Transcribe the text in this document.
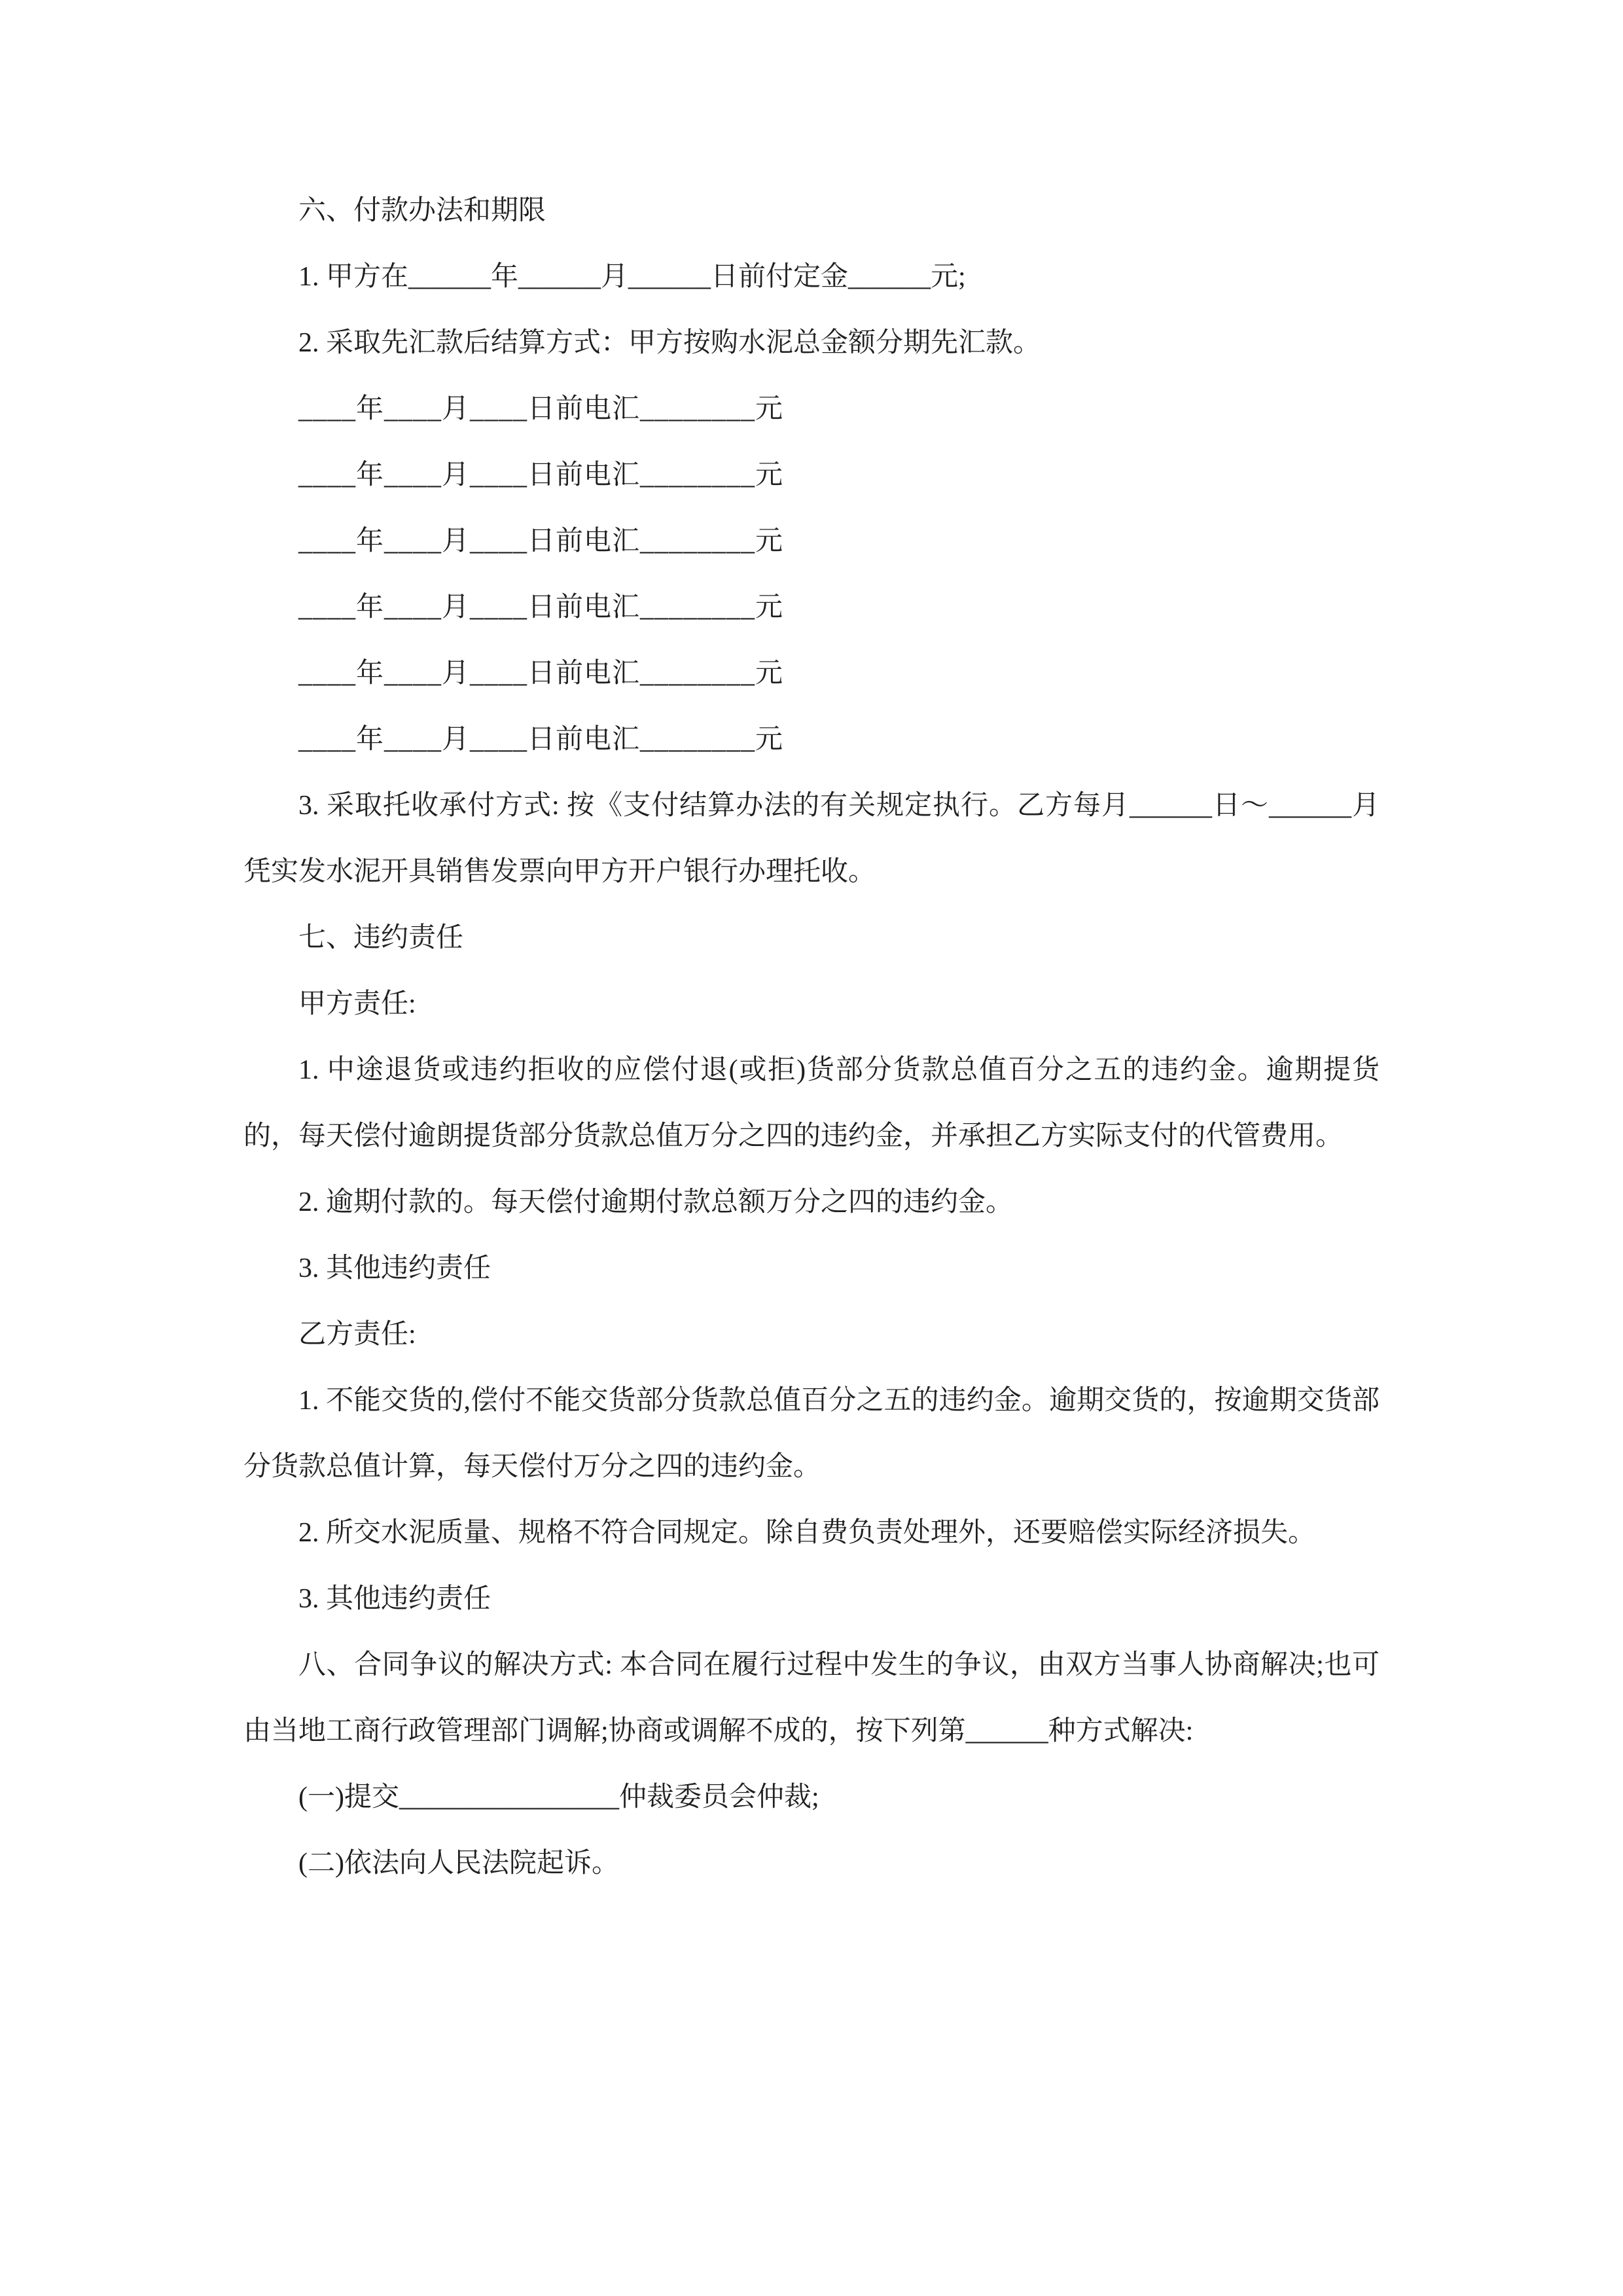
六、付款办法和期限

1. 甲方在______年______月______日前付定金______元;

2. 采取先汇款后结算方式：甲方按购水泥总金额分期先汇款。

____年____月____日前电汇________元

____年____月____日前电汇________元

____年____月____日前电汇________元

____年____月____日前电汇________元

____年____月____日前电汇________元

____年____月____日前电汇________元

3. 采取托收承付方式: 按《支付结算办法的有关规定执行。乙方每月______日～______月凭实发水泥开具销售发票向甲方开户银行办理托收。

七、违约责任

甲方责任:

1. 中途退货或违约拒收的应偿付退(或拒)货部分货款总值百分之五的违约金。逾期提货的，每天偿付逾朗提货部分货款总值万分之四的违约金，并承担乙方实际支付的代管费用。

2. 逾期付款的。每天偿付逾期付款总额万分之四的违约金。

3. 其他违约责任

乙方责任:

1. 不能交货的,偿付不能交货部分货款总值百分之五的违约金。逾期交货的，按逾期交货部分货款总值计算，每天偿付万分之四的违约金。

2. 所交水泥质量、规格不符合同规定。除自费负责处理外，还要赔偿实际经济损失。

3. 其他违约责任

八、合同争议的解决方式: 本合同在履行过程中发生的争议，由双方当事人协商解决;也可由当地工商行政管理部门调解;协商或调解不成的，按下列第______种方式解决:

(一)提交________________仲裁委员会仲裁;

(二)依法向人民法院起诉。
